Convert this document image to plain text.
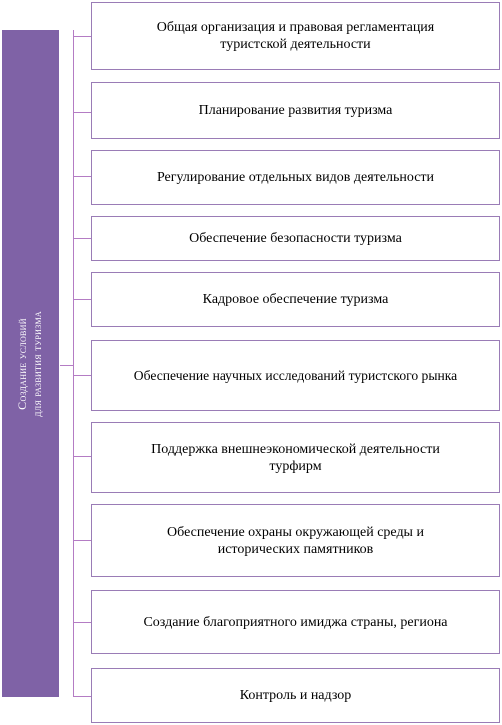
Создание условий для развития туризма
Общая организация и правовая регламентация
туристской деятельности
Планирование развития туризма
Регулирование отдельных видов деятельности
Обеспечение безопасности туризма
Кадровое обеспечение туризма
Обеспечение научных исследований туристского рынка
Поддержка внешнеэкономической деятельности
турфирм
Обеспечение охраны окружающей среды и
исторических памятников
Создание благоприятного имиджа страны, региона
Контроль и надзор
